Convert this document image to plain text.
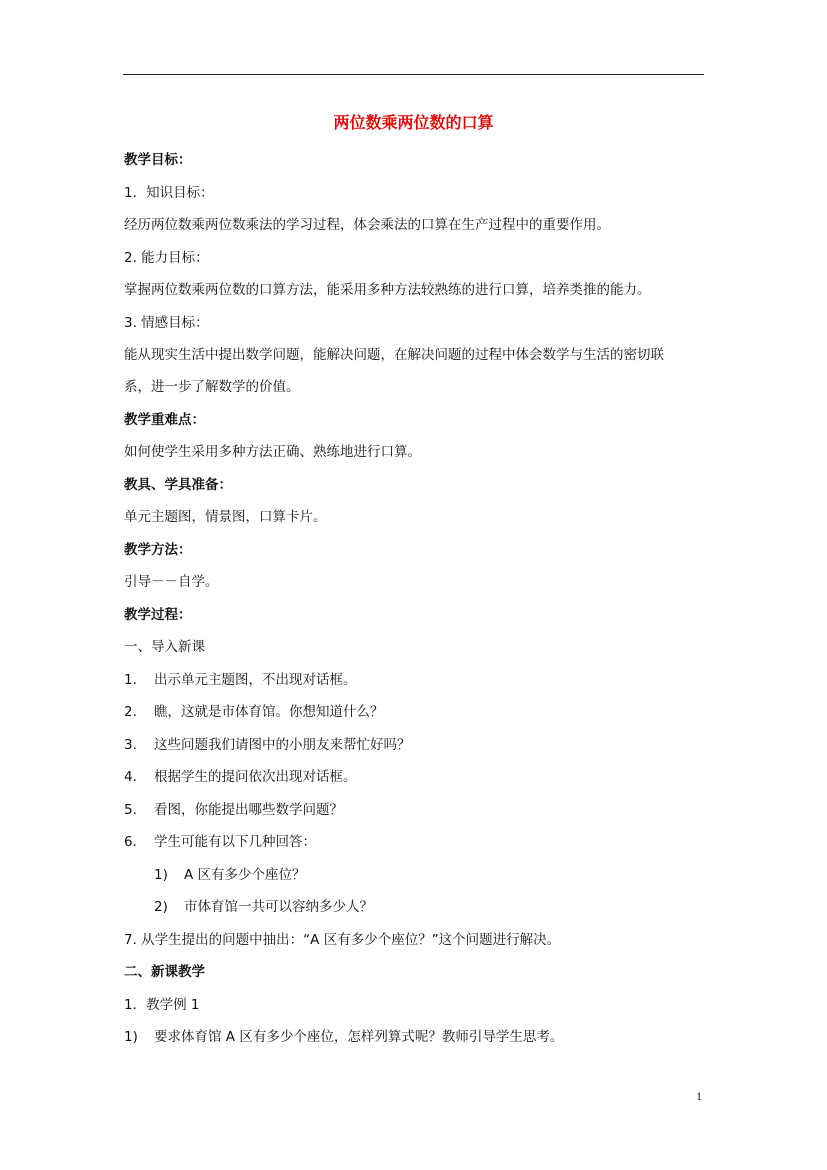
两位数乘两位数的口算
教学目标：
1．知识目标：
经历两位数乘两位数乘法的学习过程，体会乘法的口算在生产过程中的重要作用。
2. 能力目标：
掌握两位数乘两位数的口算方法，能采用多种方法较熟练的进行口算，培养类推的能力。
3. 情感目标：
能从现实生活中提出数学问题，能解决问题，在解决问题的过程中体会数学与生活的密切联
系，进一步了解数学的价值。
教学重难点：
如何使学生采用多种方法正确、熟练地进行口算。
教具、学具准备：
单元主题图，情景图，口算卡片。
教学方法：
引导－－自学。
教学过程：
一、导入新课
1. 出示单元主题图，不出现对话框。
2. 瞧，这就是市体育馆。你想知道什么？
3. 这些问题我们请图中的小朋友来帮忙好吗？
4. 根据学生的提问依次出现对话框。
5. 看图，你能提出哪些数学问题？
6. 学生可能有以下几种回答：
1) A 区有多少个座位？
2) 市体育馆一共可以容纳多少人？
7. 从学生提出的问题中抽出：“A 区有多少个座位？”这个问题进行解决。
二、新课教学
1．教学例 1
1) 要求体育馆 A 区有多少个座位，怎样列算式呢？教师引导学生思考。
1
